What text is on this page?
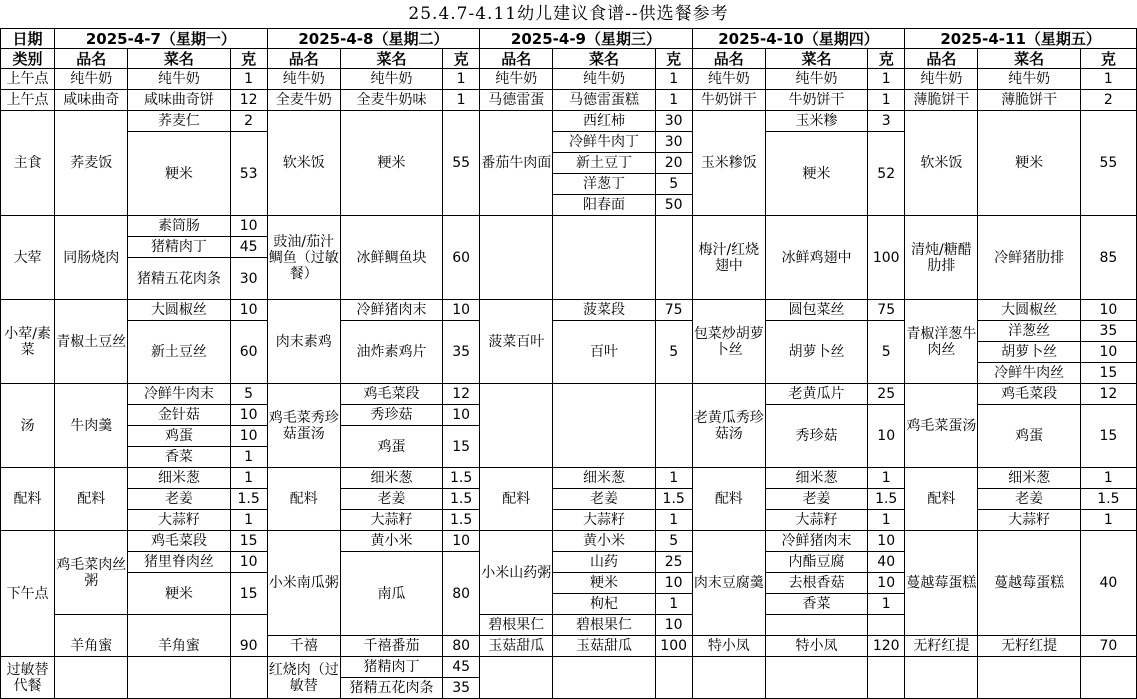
25.4.7-4.11幼儿建议食谱--供选餐参考
日期	2025-4-7（星期一）			2025-4-8（星期二）			2025-4-9（星期三）			2025-4-10（星期四）			2025-4-11（星期五）		
类别	品名	菜名	克	品名	菜名	克	品名	菜名	克	品名	菜名	克	品名	菜名	克
上午点	纯牛奶	纯牛奶	1	纯牛奶	纯牛奶	1	纯牛奶	纯牛奶	1	纯牛奶	纯牛奶	1	纯牛奶	纯牛奶	1
上午点	咸味曲奇	咸味曲奇饼	12	全麦牛奶	全麦牛奶味	1	马德雷蛋	马德雷蛋糕	1	牛奶饼干	牛奶饼干	1	薄脆饼干	薄脆饼干	2
主食	荞麦饭	荞麦仁	2	软米饭	粳米	55	番茄牛肉面	西红柿	30	玉米糁饭	玉米糁	3	软米饭	粳米	55
		粳米	53					冷鲜牛肉丁	30		粳米	52			
								新土豆丁	20						
								洋葱丁	5						
								阳春面	50						
大荤	同肠烧肉	素筒肠	10	豉油/茄汁鲷鱼（过敏餐）	冰鲜鲷鱼块	60				梅汁/红烧翅中	冰鲜鸡翅中	100	清炖/糖醋肋排	冷鲜猪肋排	85
		猪精肉丁	45												
		猪精五花肉条	30												
小荤/素菜	青椒土豆丝	大圆椒丝	10	肉末素鸡	冷鲜猪肉末	10	菠菜百叶	菠菜段	75	包菜炒胡萝卜丝	圆包菜丝	75	青椒洋葱牛肉丝	大圆椒丝	10
		新土豆丝	60		油炸素鸡片	35		百叶	5		胡萝卜丝	5		洋葱丝	35
														胡萝卜丝	10
														冷鲜牛肉丝	15
汤	牛肉羹	冷鲜牛肉末	5	鸡毛菜秀珍菇蛋汤	鸡毛菜段	12				老黄瓜秀珍菇汤	老黄瓜片	25	鸡毛菜蛋汤	鸡毛菜段	12
		金针菇	10		秀珍菇	10					秀珍菇	10		鸡蛋	15
		鸡蛋	10		鸡蛋	15									
		香菜	1												
配料	配料	细米葱	1	配料	细米葱	1.5	配料	细米葱	1	配料	细米葱	1	配料	细米葱	1
		老姜	1.5		老姜	1.5		老姜	1.5		老姜	1.5		老姜	1.5
		大蒜籽	1		大蒜籽	1.5		大蒜籽	1		大蒜籽	1		大蒜籽	1
下午点	鸡毛菜肉丝粥	鸡毛菜段	15	小米南瓜粥	黄小米	10	小米山药粥	黄小米	5	肉末豆腐羹	冷鲜猪肉末	10	蔓越莓蛋糕	蔓越莓蛋糕	40
		猪里脊肉丝	10		南瓜	80		山药	25		内酯豆腐	40			
		粳米	15					粳米	10		去根香菇	10			
								枸杞	1		香菜	1			
							碧根果仁	碧根果仁	10						
	羊角蜜	羊角蜜	90	千禧	千禧番茄	80	玉菇甜瓜	玉菇甜瓜	100	特小凤	特小凤	120	无籽红提	无籽红提	70
过敏替代餐				红烧肉（过敏替	猪精肉丁	45									
					猪精五花肉条	35									
